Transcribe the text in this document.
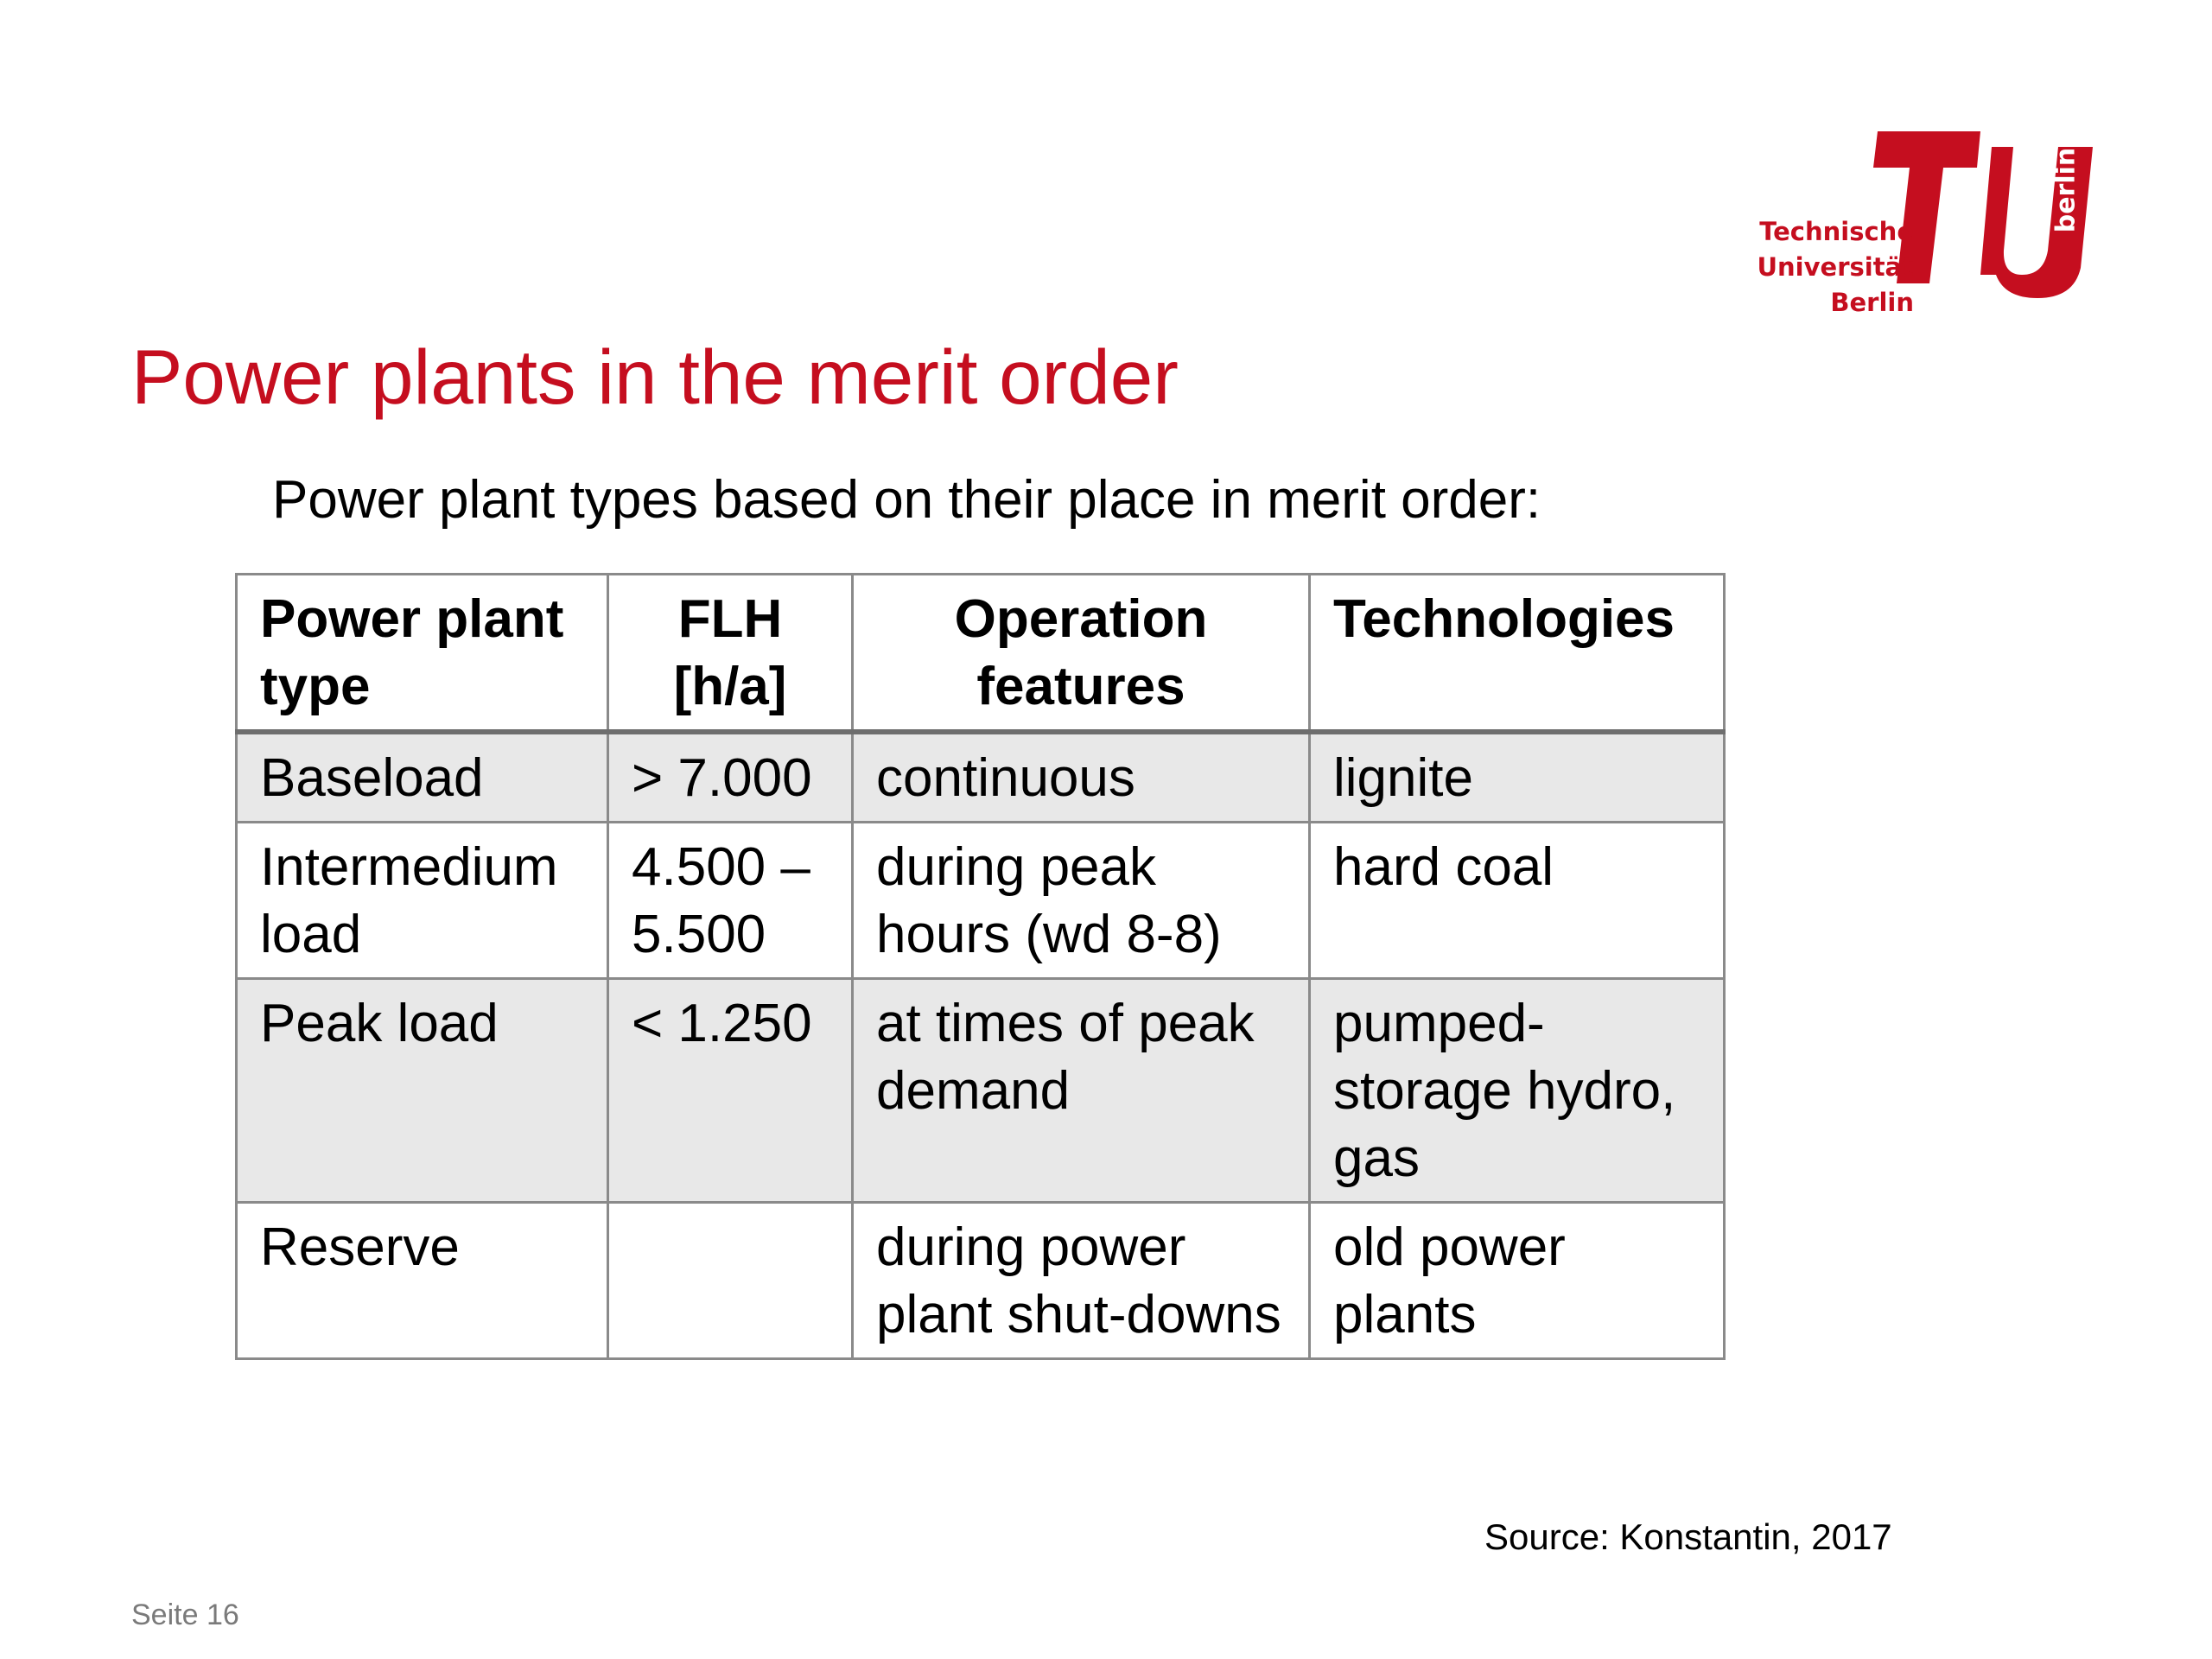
Technische
Universität
Berlin
berlin
Power plants in the merit order

Power plant types based on their place in merit order:

Power plant type	FLH [h/a]	Operation features	Technologies
Baseload	> 7.000	continuous	lignite
Intermedium load	4.500 – 5.500	during peak hours (wd 8-8)	hard coal
Peak load	< 1.250	at times of peak demand	pumped-storage hydro, gas
Reserve		during power plant shut-downs	old power plants
Source: Konstantin, 2017
Seite 16
